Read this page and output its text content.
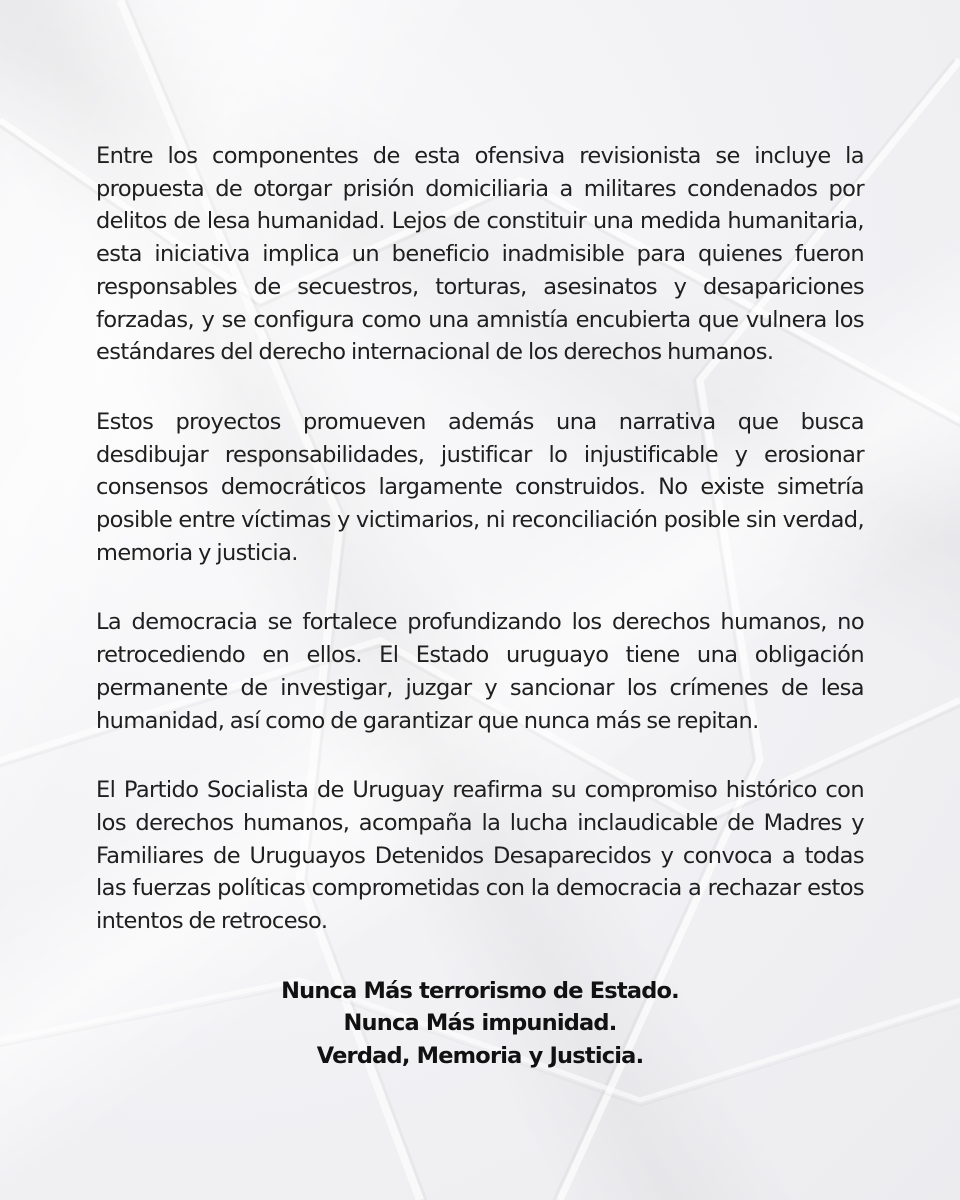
Entre los componentes de esta ofensiva revisionista se incluye la propuesta de otorgar prisión domiciliaria a militares condenados por delitos de lesa humanidad. Lejos de constituir una medida humanitaria, esta iniciativa implica un beneficio inadmisible para quienes fueron responsables de secuestros, torturas, asesinatos y desapariciones forzadas, y se configura como una amnistía encubierta que vulnera los estándares del derecho internacional de los derechos humanos.

Estos proyectos promueven además una narrativa que busca desdibujar responsabilidades, justificar lo injustificable y erosionar consensos democráticos largamente construidos. No existe simetría posible entre víctimas y victimarios, ni reconciliación posible sin verdad, memoria y justicia.

La democracia se fortalece profundizando los derechos humanos, no retrocediendo en ellos. El Estado uruguayo tiene una obligación permanente de investigar, juzgar y sancionar los crímenes de lesa humanidad, así como de garantizar que nunca más se repitan.

El Partido Socialista de Uruguay reafirma su compromiso histórico con los derechos humanos, acompaña la lucha inclaudicable de Madres y Familiares de Uruguayos Detenidos Desaparecidos y convoca a todas las fuerzas políticas comprometidas con la democracia a rechazar estos intentos de retroceso.

Nunca Más terrorismo de Estado.
Nunca Más impunidad.
Verdad, Memoria y Justicia.
